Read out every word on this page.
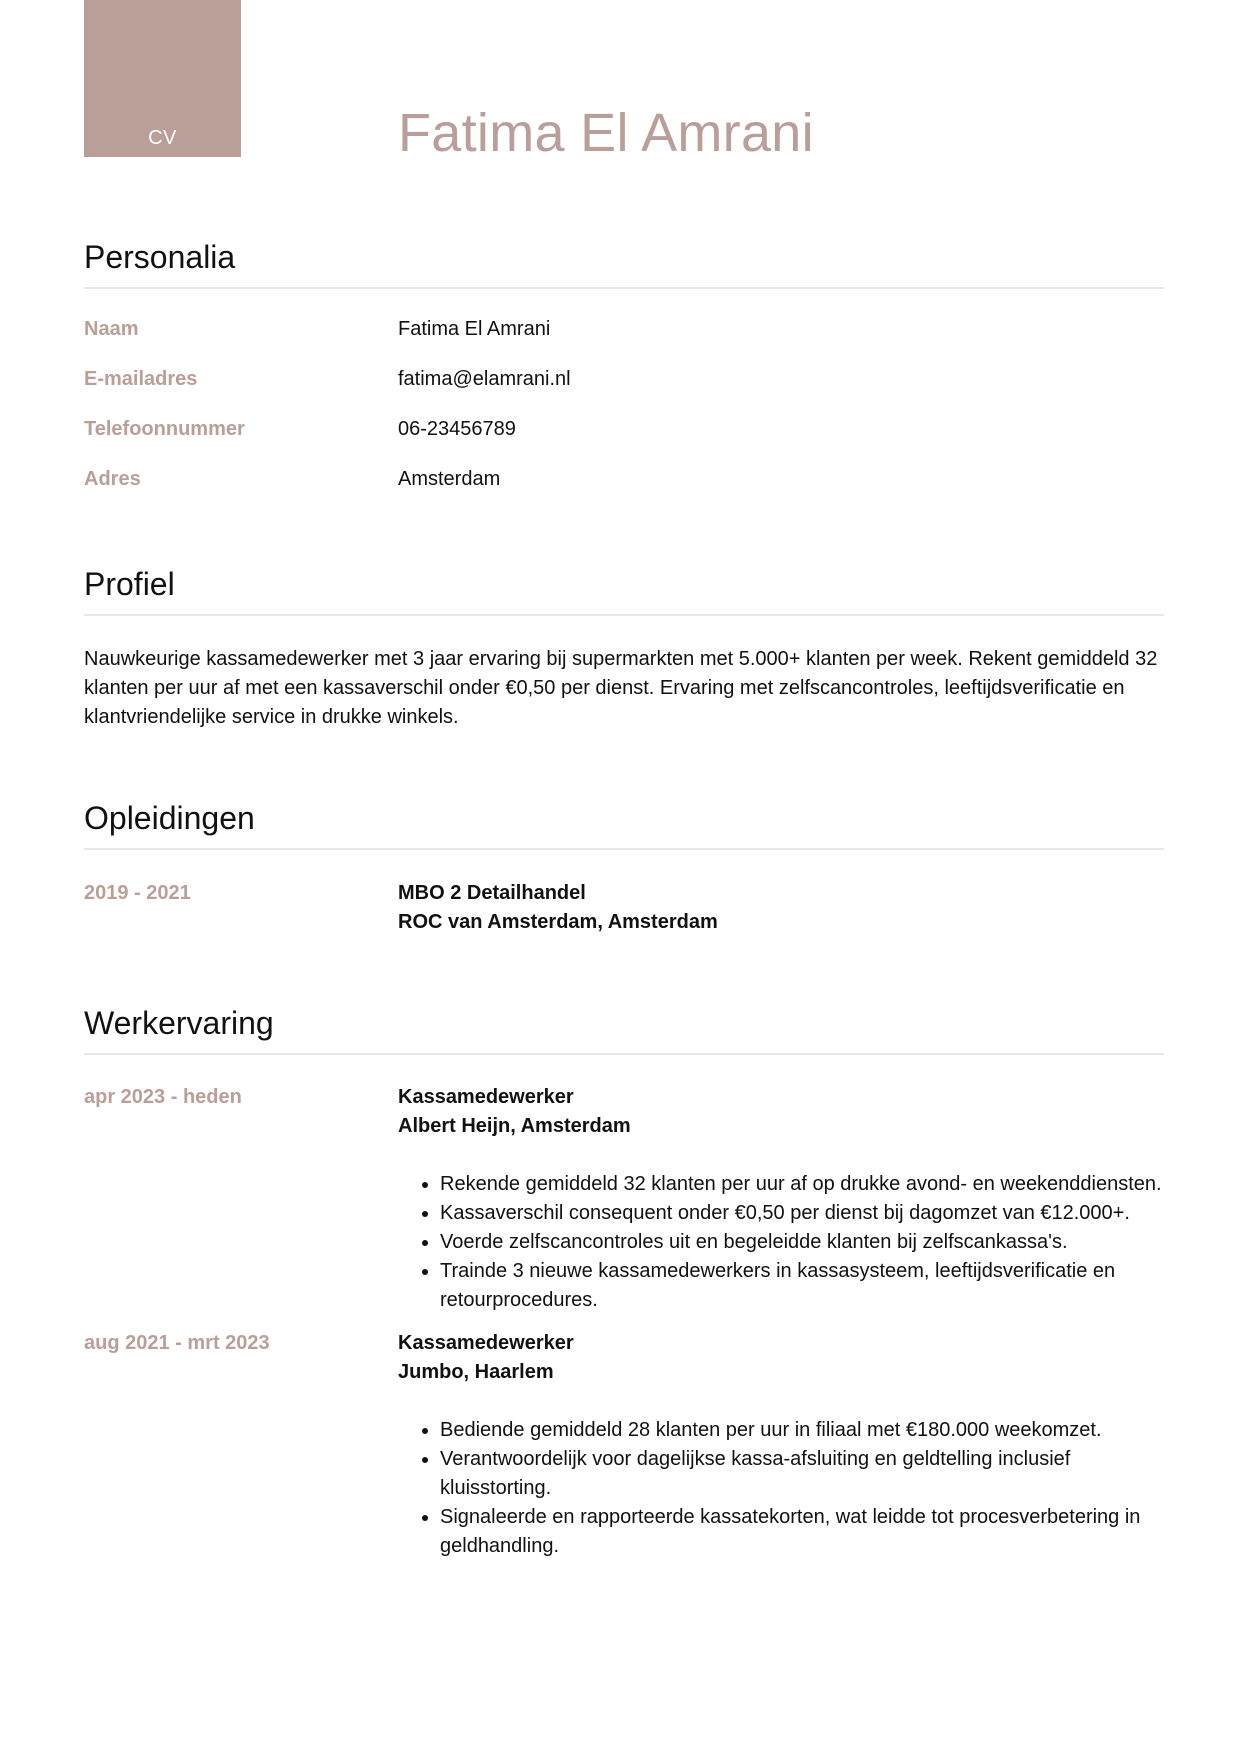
CV	Fatima El Amrani
Personalia
Naam	Fatima El Amrani
E-mailadres	fatima@elamrani.nl
Telefoonnummer	06-23456789
Adres	Amsterdam
Profiel

Nauwkeurige kassamedewerker met 3 jaar ervaring bij supermarkten met 5.000+ klanten per week. Rekent gemiddeld 32 klanten per uur af met een kassaverschil onder €0,50 per dienst. Ervaring met zelfscancontroles, leeftijdsverificatie en klantvriendelijke service in drukke winkels.

Opleidingen
2019 - 2021	MBO 2 Detailhandel
ROC van Amsterdam, Amsterdam
Werkervaring
apr 2023 - heden	Kassamedewerker
Albert Heijn, Amsterdam
• Rekende gemiddeld 32 klanten per uur af op drukke avond- en weekenddiensten.
• Kassaverschil consequent onder €0,50 per dienst bij dagomzet van €12.000+.
• Voerde zelfscancontroles uit en begeleidde klanten bij zelfscankassa's.
• Trainde 3 nieuwe kassamedewerkers in kassasysteem, leeftijdsverificatie en retourprocedures.
aug 2021 - mrt 2023	Kassamedewerker
Jumbo, Haarlem
• Bediende gemiddeld 28 klanten per uur in filiaal met €180.000 weekomzet.
• Verantwoordelijk voor dagelijkse kassa-afsluiting en geldtelling inclusief kluisstorting.
• Signaleerde en rapporteerde kassatekorten, wat leidde tot procesverbetering in geldhandling.
